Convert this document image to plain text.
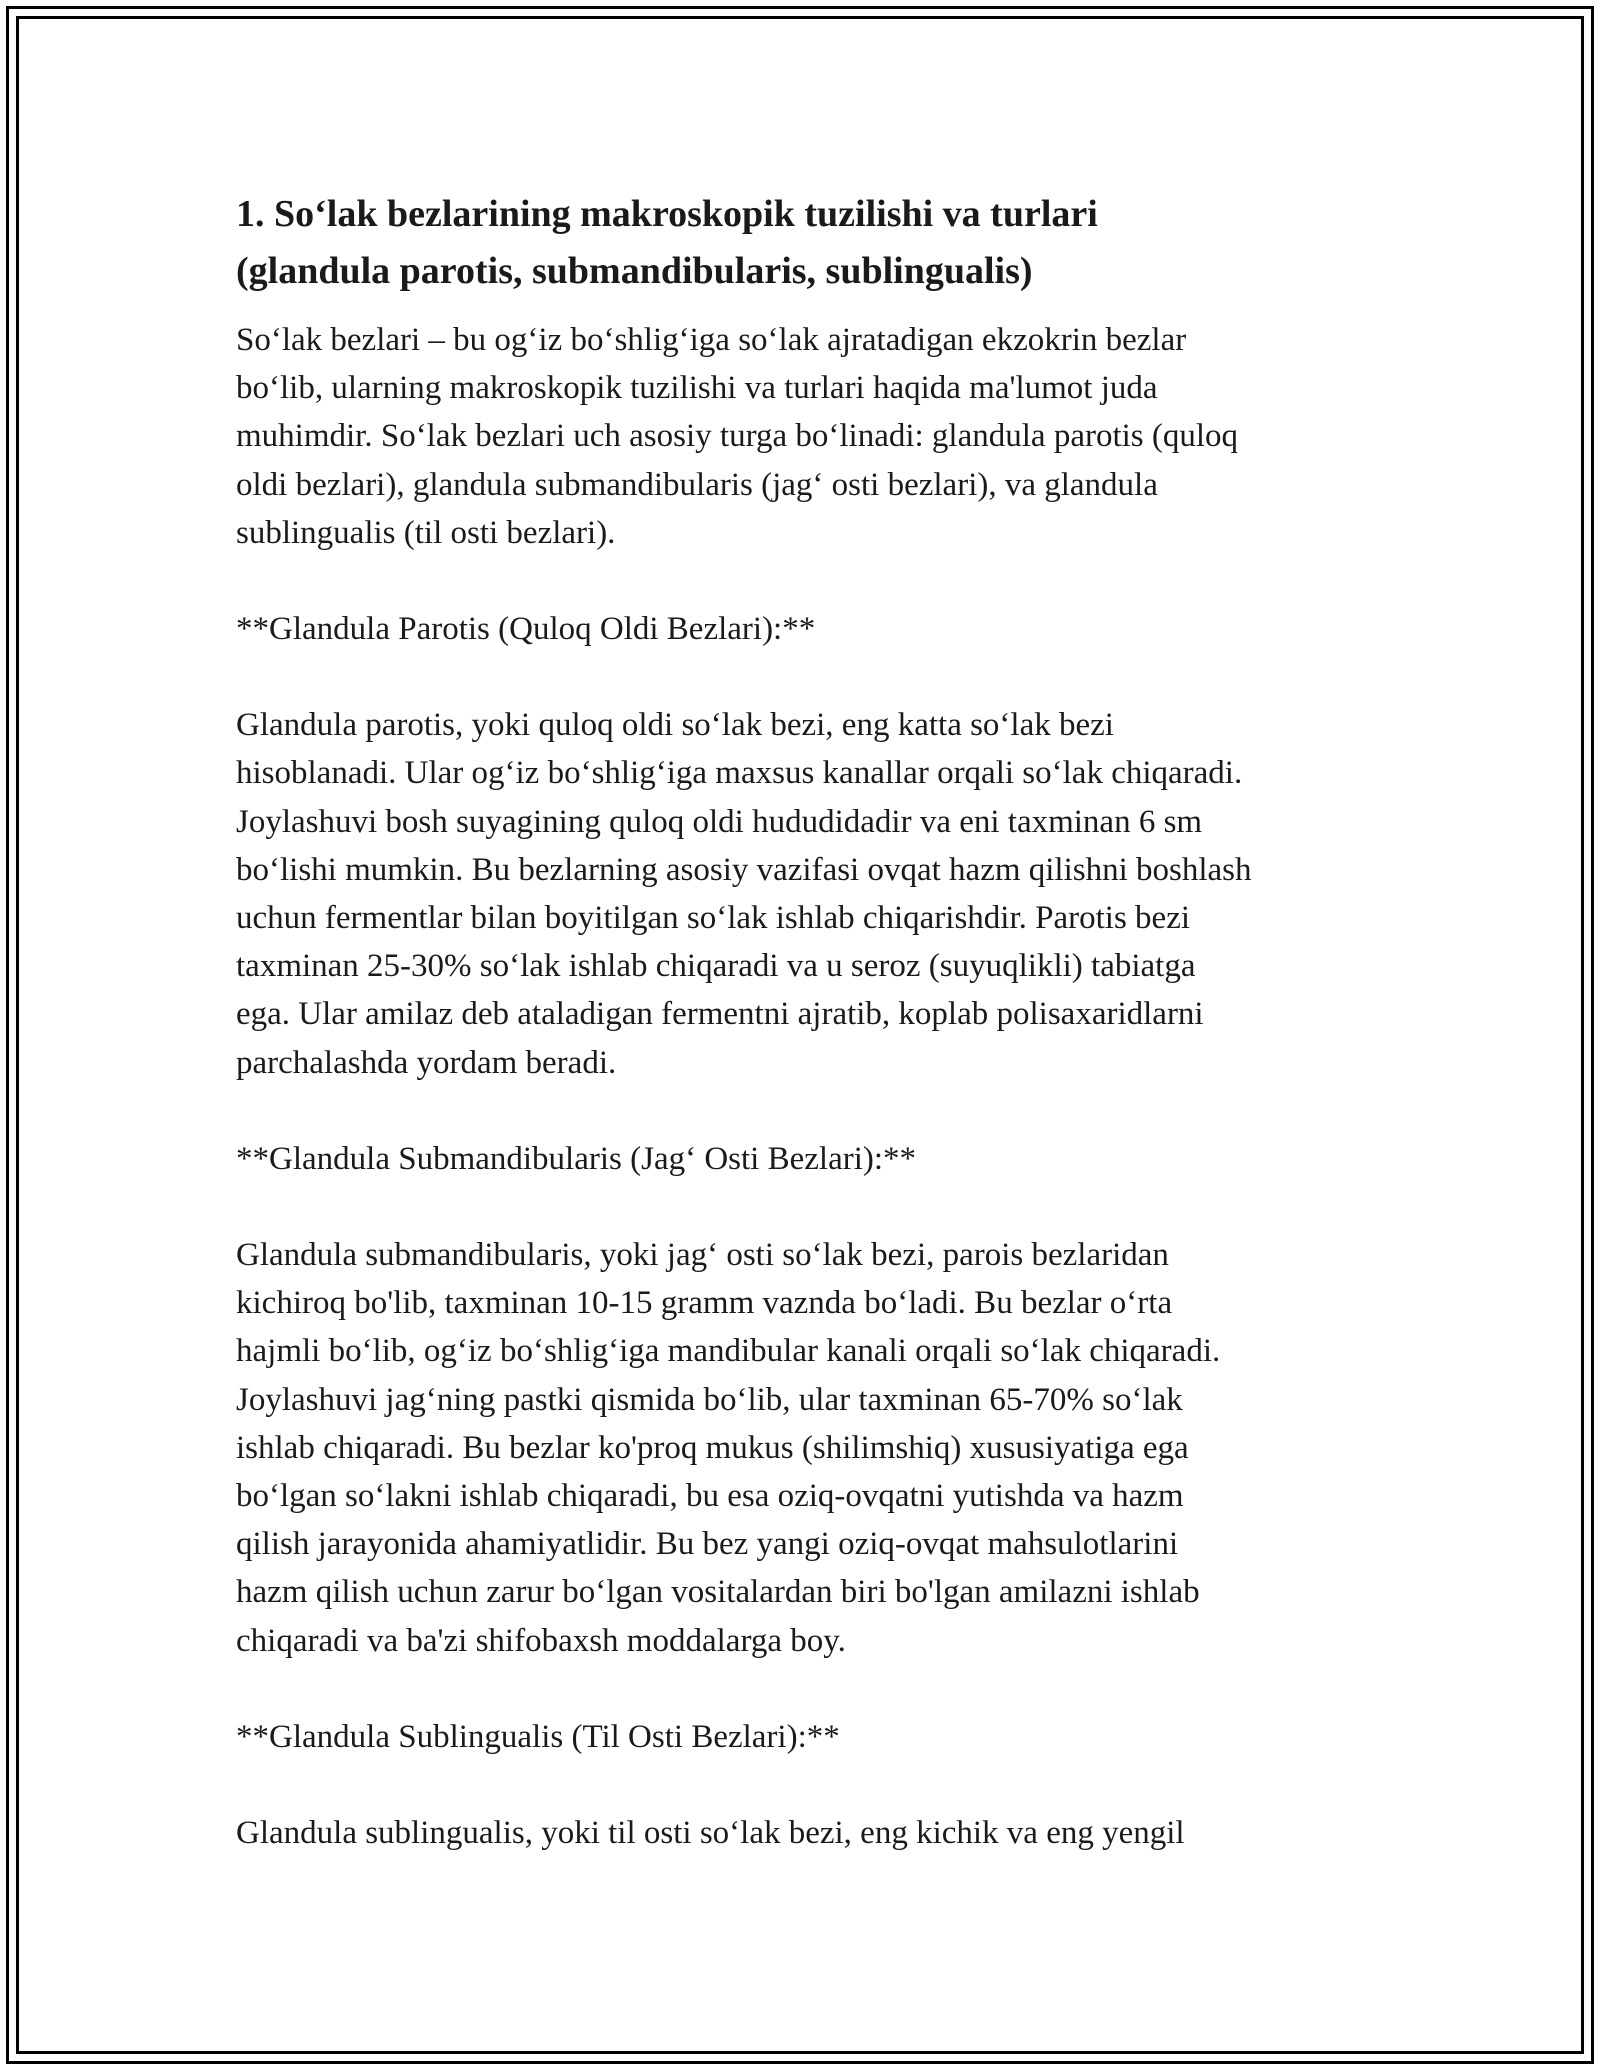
1. So‘lak bezlarining makroskopik tuzilishi va turlari
(glandula parotis, submandibularis, sublingualis)
So‘lak bezlari – bu og‘iz bo‘shlig‘iga so‘lak ajratadigan ekzokrin bezlar
bo‘lib, ularning makroskopik tuzilishi va turlari haqida ma'lumot juda
muhimdir. So‘lak bezlari uch asosiy turga bo‘linadi: glandula parotis (quloq
oldi bezlari), glandula submandibularis (jag‘ osti bezlari), va glandula
sublingualis (til osti bezlari).
**Glandula Parotis (Quloq Oldi Bezlari):**
Glandula parotis, yoki quloq oldi so‘lak bezi, eng katta so‘lak bezi
hisoblanadi. Ular og‘iz bo‘shlig‘iga maxsus kanallar orqali so‘lak chiqaradi.
Joylashuvi bosh suyagining quloq oldi hududidadir va eni taxminan 6 sm
bo‘lishi mumkin. Bu bezlarning asosiy vazifasi ovqat hazm qilishni boshlash
uchun fermentlar bilan boyitilgan so‘lak ishlab chiqarishdir. Parotis bezi
taxminan 25-30% so‘lak ishlab chiqaradi va u seroz (suyuqlikli) tabiatga
ega. Ular amilaz deb ataladigan fermentni ajratib, koplab polisaxaridlarni
parchalashda yordam beradi.
**Glandula Submandibularis (Jag‘ Osti Bezlari):**
Glandula submandibularis, yoki jag‘ osti so‘lak bezi, parois bezlaridan
kichiroq bo'lib, taxminan 10-15 gramm vaznda bo‘ladi. Bu bezlar o‘rta
hajmli bo‘lib, og‘iz bo‘shlig‘iga mandibular kanali orqali so‘lak chiqaradi.
Joylashuvi jag‘ning pastki qismida bo‘lib, ular taxminan 65-70% so‘lak
ishlab chiqaradi. Bu bezlar ko'proq mukus (shilimshiq) xususiyatiga ega
bo‘lgan so‘lakni ishlab chiqaradi, bu esa oziq-ovqatni yutishda va hazm
qilish jarayonida ahamiyatlidir. Bu bez yangi oziq-ovqat mahsulotlarini
hazm qilish uchun zarur bo‘lgan vositalardan biri bo'lgan amilazni ishlab
chiqaradi va ba'zi shifobaxsh moddalarga boy.
**Glandula Sublingualis (Til Osti Bezlari):**
Glandula sublingualis, yoki til osti so‘lak bezi, eng kichik va eng yengil
